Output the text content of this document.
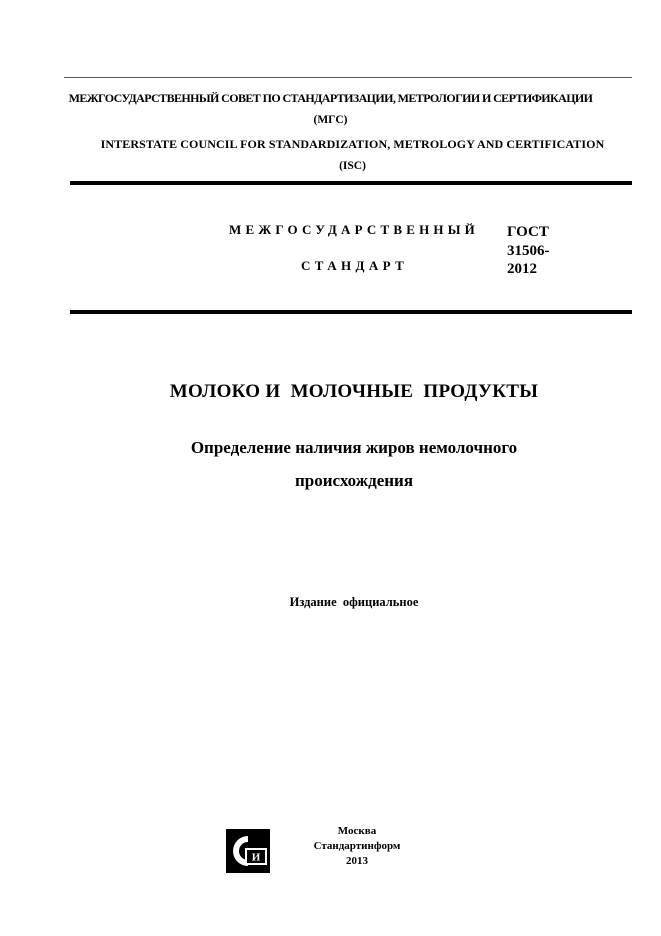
МЕЖГОСУДАРСТВЕННЫЙ СОВЕТ ПО СТАНДАРТИЗАЦИИ, МЕТРОЛОГИИ И СЕРТИФИКАЦИИ
(МГС)
INTERSTATE COUNCIL FOR STANDARDIZATION, METROLOGY AND CERTIFICATION
(ISC)
МЕЖГОСУДАРСТВЕННЫЙ
СТАНДАРТ
ГОСТ
31506-
2012
МОЛОКО И  МОЛОЧНЫЕ  ПРОДУКТЫ
Определение наличия жиров немолочного
происхождения
Издание  официальное
И
Москва
Стандартинформ
2013
